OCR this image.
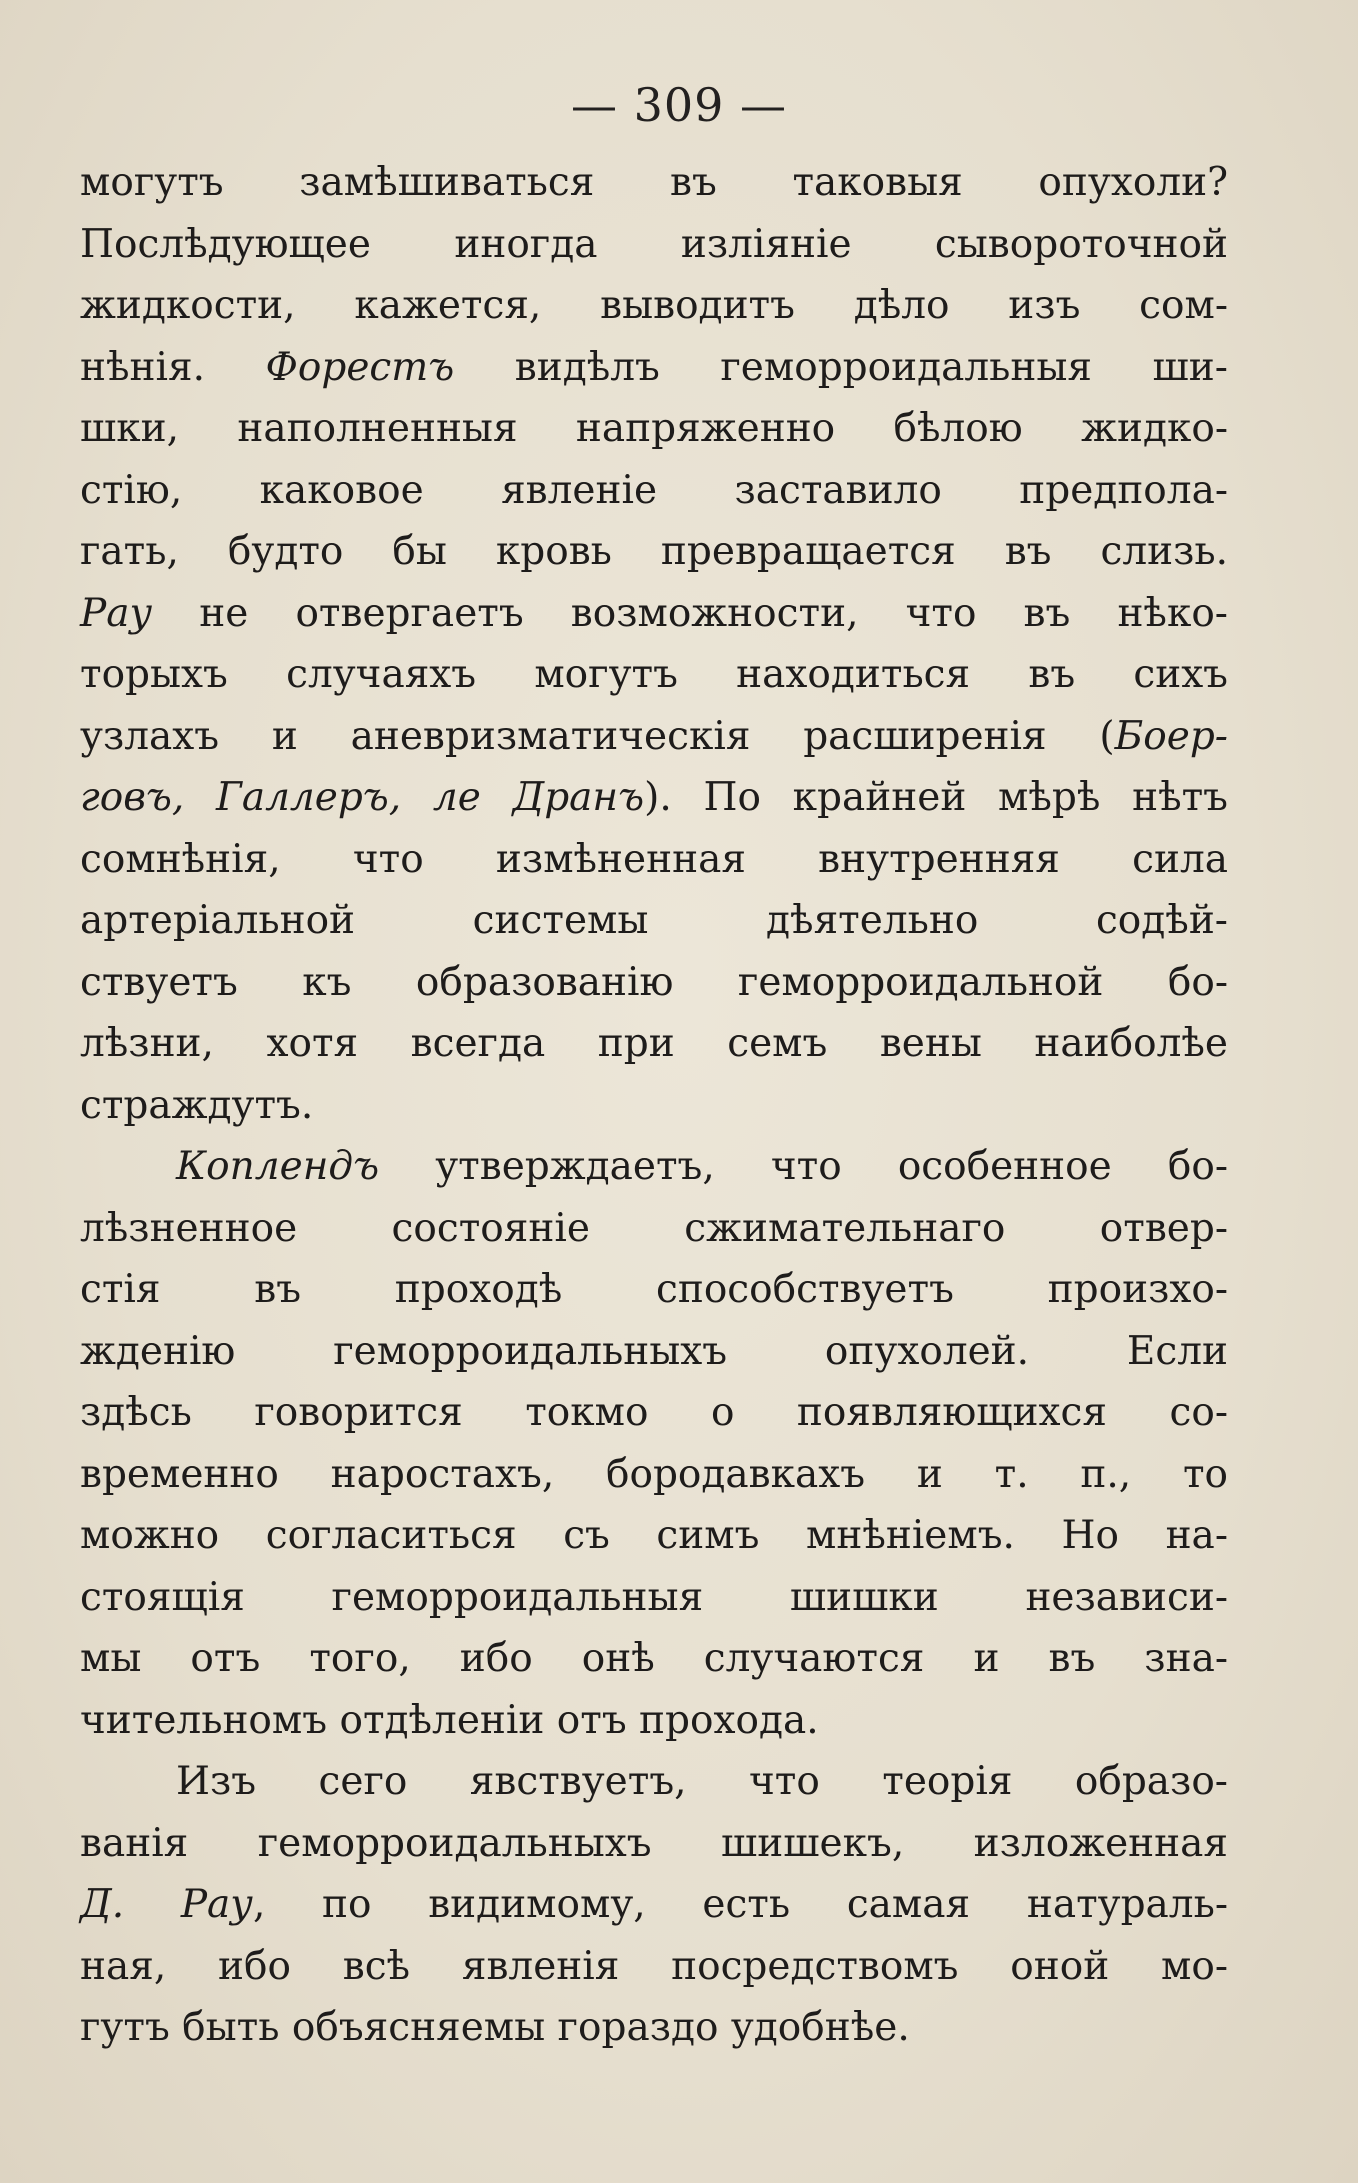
— 309 —
могутъ замѣшиваться въ таковыя опухоли?
Послѣдующее иногда изліяніе сывороточной
жидкости, кажется, выводитъ дѣло изъ сом-
нѣнія. Форестъ видѣлъ геморроидальныя ши-
шки, наполненныя напряженно бѣлою жидко-
стію, каковое явленіе заставило предпола-
гать, будто бы кровь превращается въ слизь.
Рау не отвергаетъ возможности, что въ нѣко-
торыхъ случаяхъ могутъ находиться въ сихъ
узлахъ и аневризматическія расширенія (Боер-
говъ, Галлеръ, ле Дранъ). По крайней мѣрѣ нѣтъ
сомнѣнія, что измѣненная внутренняя сила
артеріальной системы дѣятельно содѣй-
ствуетъ къ образованію геморроидальной бо-
лѣзни, хотя всегда при семъ вены наиболѣе
страждутъ.
Коплендъ утверждаетъ, что особенное бо-
лѣзненное состояніе сжимательнаго отвер-
стія въ проходѣ способствуетъ произхо-
жденію геморроидальныхъ опухолей. Если
здѣсь говорится токмо о появляющихся со-
временно наростахъ, бородавкахъ и т. п., то
можно согласиться съ симъ мнѣніемъ. Но на-
стоящія геморроидальныя шишки независи-
мы отъ того, ибо онѣ случаются и въ зна-
чительномъ отдѣленіи отъ прохода.
Изъ сего явствуетъ, что теорія образо-
ванія геморроидальныхъ шишекъ, изложенная
Д. Рау, по видимому, есть самая натураль-
ная, ибо всѣ явленія посредствомъ оной мо-
гутъ быть объясняемы гораздо удобнѣе.
